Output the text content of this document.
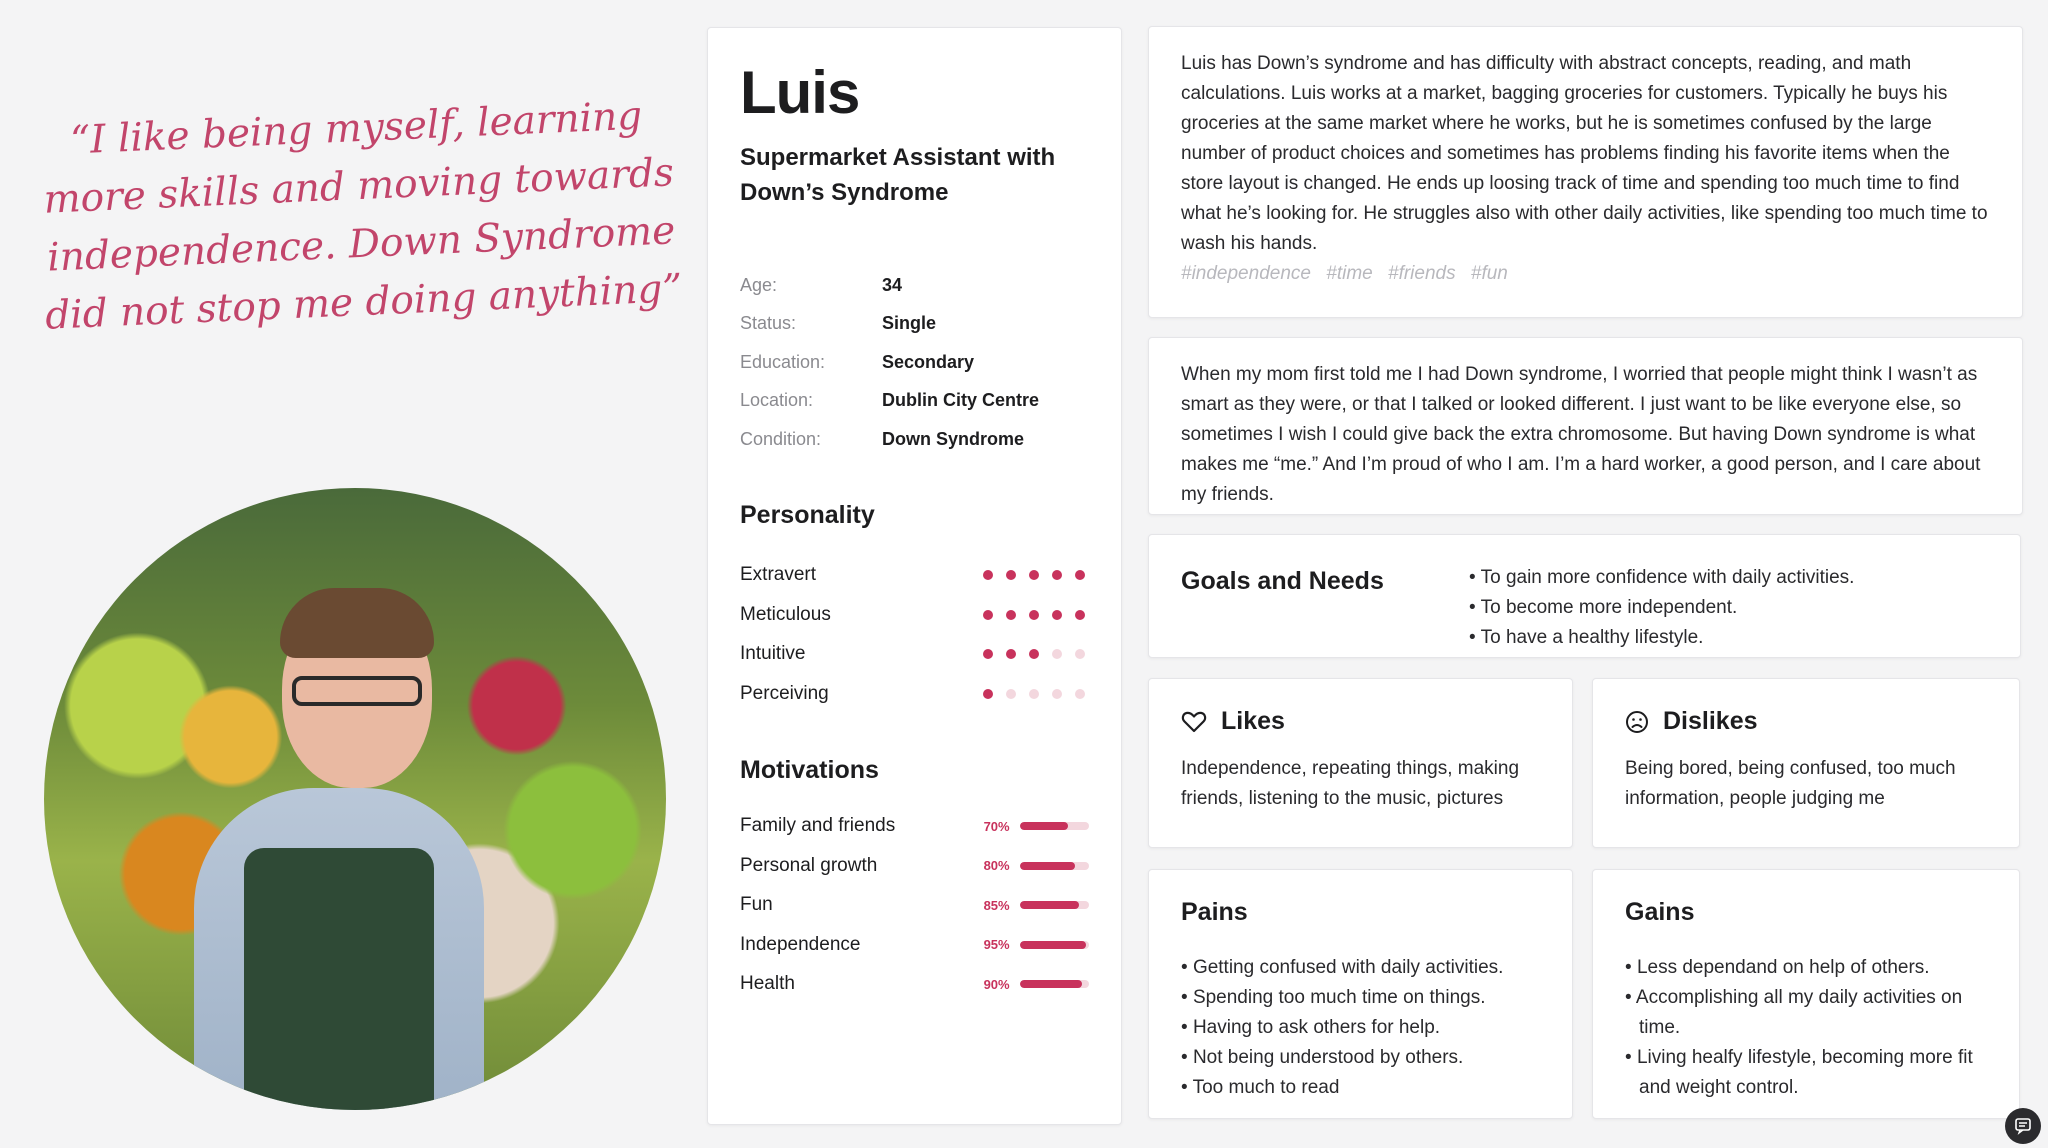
“I like being myself, learning more skills and moving towards independence. Down Syndrome did not stop me doing anything”
Luis
Supermarket Assistant with Down’s Syndrome
Age:	34
Status:	Single
Education:	Secondary
Location:	Dublin City Centre
Condition:	Down Syndrome
Personality
Extravert
Meticulous
Intuitive
Perceiving
Motivations
Family and friends	70%
Personal growth	80%
Fun	85%
Independence	95%
Health	90%

Luis has Down’s syndrome and has difficulty with abstract concepts, reading, and math calculations. Luis works at a market, bagging groceries for customers. Typically he buys his groceries at the same market where he works, but he is sometimes confused by the large number of product choices and sometimes has problems finding his favorite items when the store layout is changed. He ends up loosing track of time and spending too much time to find what he’s looking for. He struggles also with other daily activities, like spending too much time to wash his hands.

#independence #time #friends #fun

When my mom first told me I had Down syndrome, I worried that people might think I wasn’t as smart as they were, or that I talked or looked different. I just want to be like everyone else, so sometimes I wish I could give back the extra chromosome. But having Down syndrome is what makes me “me.” And I’m proud of who I am. I’m a hard worker, a good person, and I care about my friends.

Goals and Needs
•	To gain more confidence with daily activities.
• To become more independent.
• To have a healthy lifestyle.
Likes
Independence, repeating things, making friends, listening to the music, pictures
Dislikes
Being bored, being confused, too much information, people judging me
Pains
• Getting confused with daily activities.
• Spending too much time on things.
• Having to ask others for help.
• Not being understood by others.
• Too much to read
Gains
• Less dependand on help of others.
• Accomplishing all my daily activities on time.
• Living healfy lifestyle, becoming more fit and weight control.
